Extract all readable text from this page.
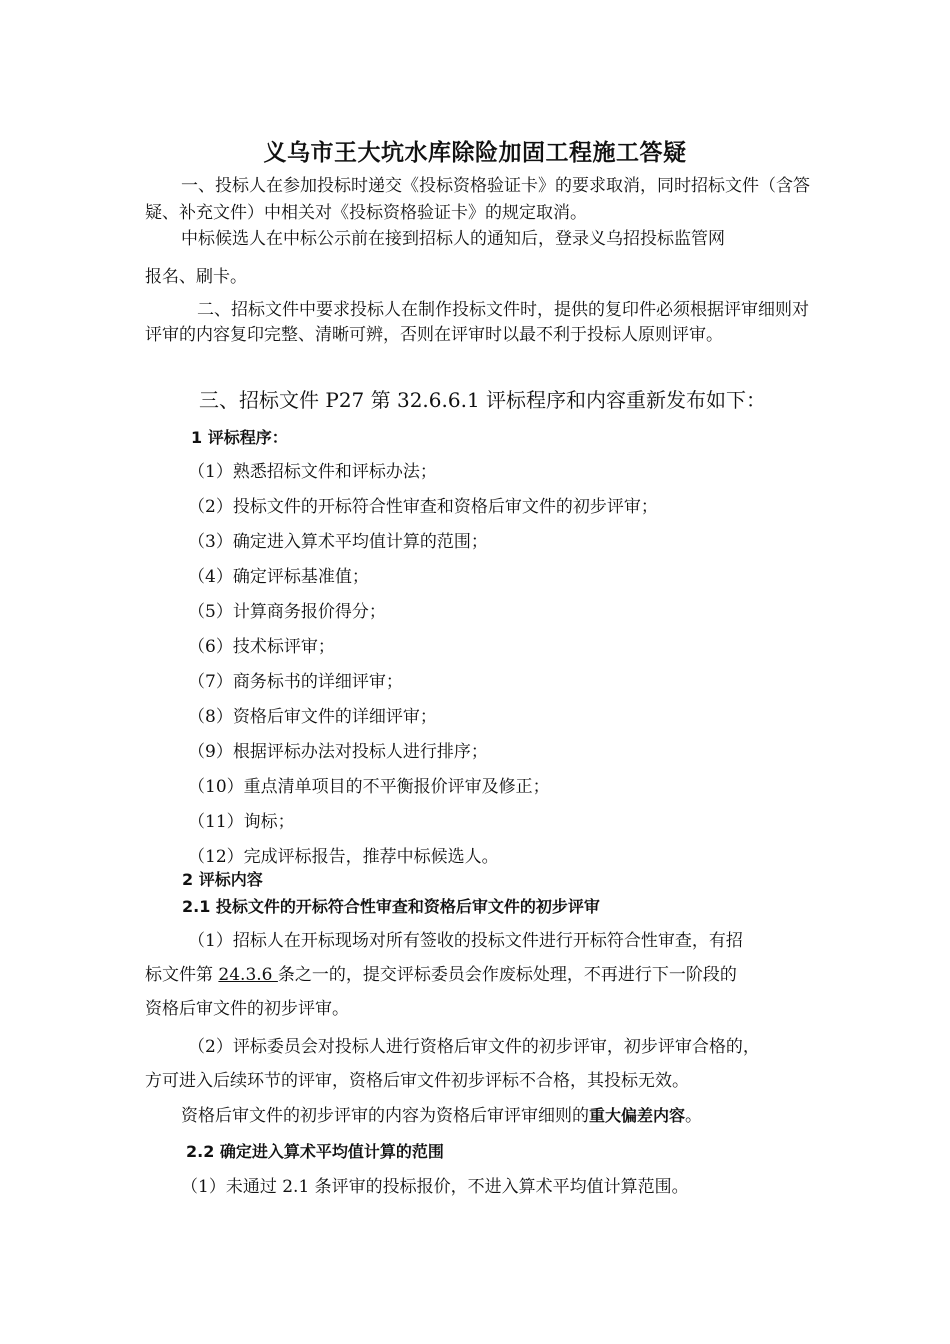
义乌市王大坑水库除险加固工程施工答疑
一、投标人在参加投标时递交《投标资格验证卡》的要求取消，同时招标文件（含答疑、补充文件）中相关对《投标资格验证卡》的规定取消。
中标候选人在中标公示前在接到招标人的通知后，登录义乌招投标监管网
报名、刷卡。
二、招标文件中要求投标人在制作投标文件时，提供的复印件必须根据评审细则对评审的内容复印完整、清晰可辨，否则在评审时以最不利于投标人原则评审。
三、招标文件 P27 第 32.6.6.1 评标程序和内容重新发布如下：
1 评标程序：
（1）熟悉招标文件和评标办法；
（2）投标文件的开标符合性审查和资格后审文件的初步评审；
（3）确定进入算术平均值计算的范围；
（4）确定评标基准值；
（5）计算商务报价得分；
（6）技术标评审；
（7）商务标书的详细评审；
（8）资格后审文件的详细评审；
（9）根据评标办法对投标人进行排序；
（10）重点清单项目的不平衡报价评审及修正；
（11）询标；
（12）完成评标报告，推荐中标候选人。
2 评标内容
2.1 投标文件的开标符合性审查和资格后审文件的初步评审
（1）招标人在开标现场对所有签收的投标文件进行开标符合性审查，有招
标文件第 24.3.6 条之一的，提交评标委员会作废标处理，不再进行下一阶段的
资格后审文件的初步评审。
（2）评标委员会对投标人进行资格后审文件的初步评审，初步评审合格的，
方可进入后续环节的评审，资格后审文件初步评标不合格，其投标无效。
资格后审文件的初步评审的内容为资格后审评审细则的重大偏差内容。
2.2 确定进入算术平均值计算的范围
（1）未通过 2.1 条评审的投标报价，不进入算术平均值计算范围。
